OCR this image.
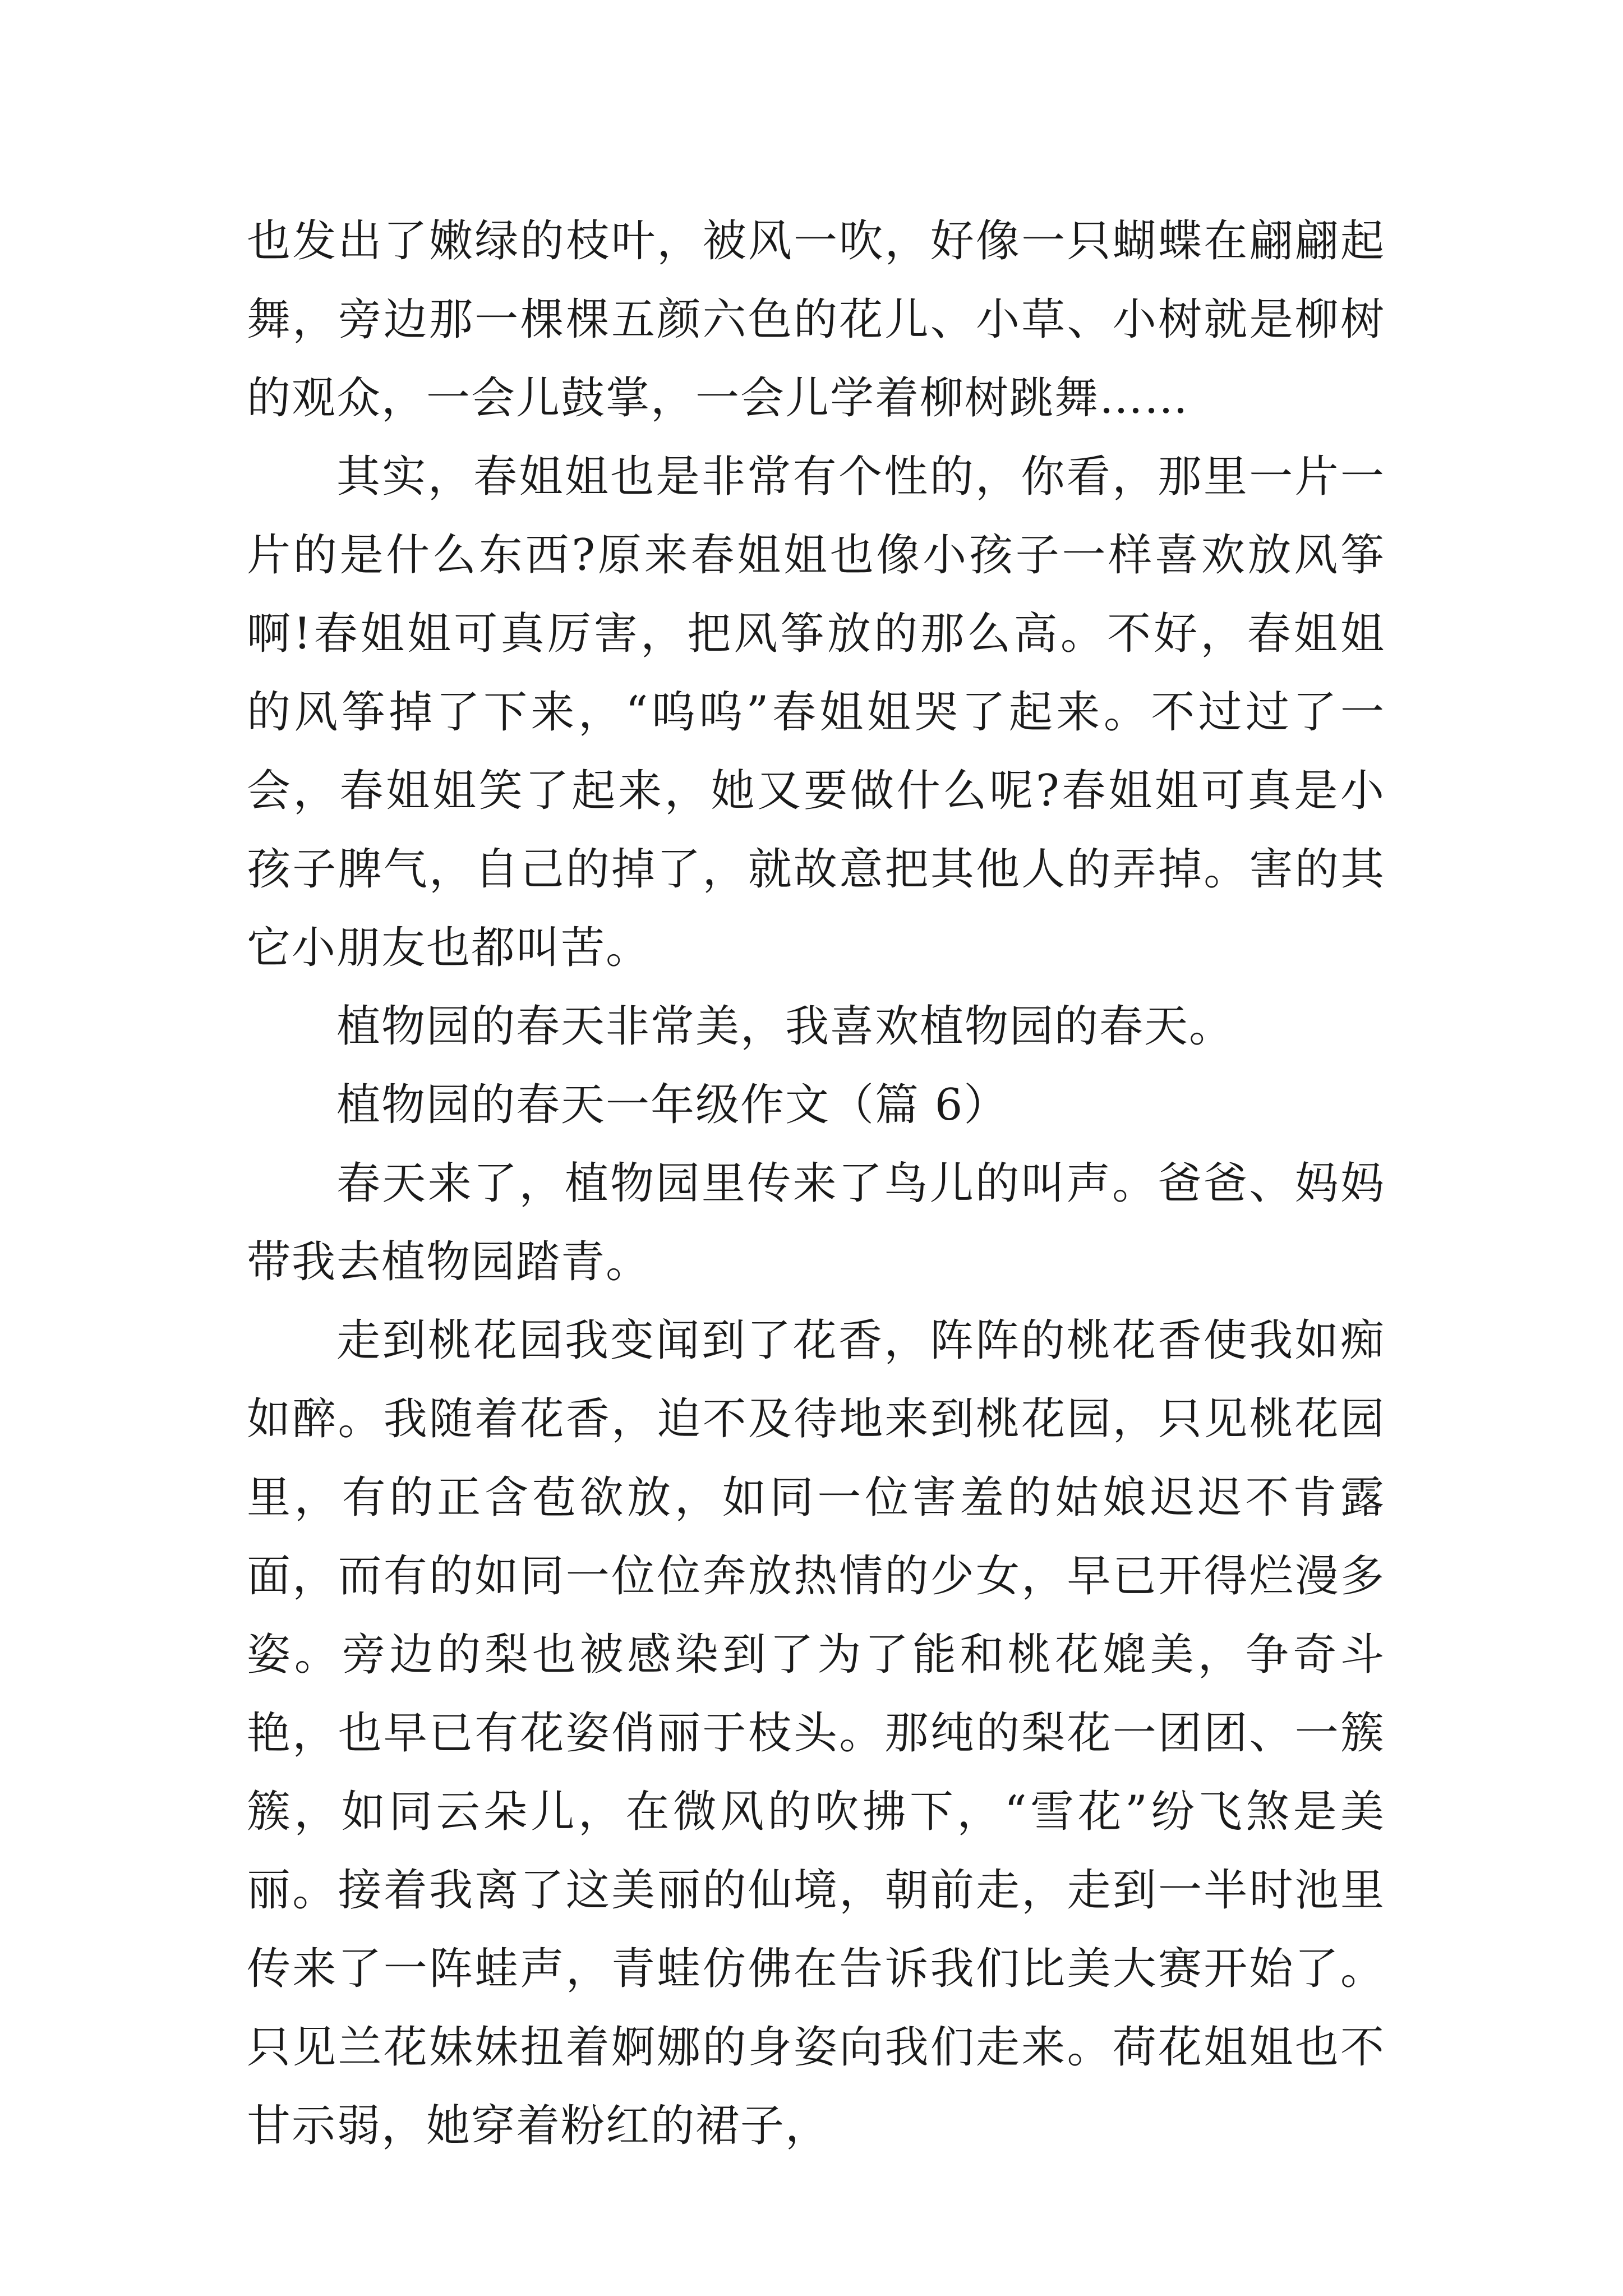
也发出了嫩绿的枝叶，被风一吹，好像一只蝴蝶在翩翩起舞，旁边那一棵棵五颜六色的花儿、小草、小树就是柳树的观众，一会儿鼓掌，一会儿学着柳树跳舞……

其实，春姐姐也是非常有个性的，你看，那里一片一片的是什么东西?原来春姐姐也像小孩子一样喜欢放风筝啊!春姐姐可真厉害，把风筝放的那么高。不好，春姐姐的风筝掉了下来，“呜呜”春姐姐哭了起来。不过过了一会，春姐姐笑了起来，她又要做什么呢?春姐姐可真是小孩子脾气，自己的掉了，就故意把其他人的弄掉。害的其它小朋友也都叫苦。

植物园的春天非常美，我喜欢植物园的春天。

植物园的春天一年级作文（篇 6）

春天来了，植物园里传来了鸟儿的叫声。爸爸、妈妈带我去植物园踏青。

走到桃花园我变闻到了花香，阵阵的桃花香使我如痴如醉。我随着花香，迫不及待地来到桃花园，只见桃花园里，有的正含苞欲放，如同一位害羞的姑娘迟迟不肯露面，而有的如同一位位奔放热情的少女，早已开得烂漫多姿。旁边的梨也被感染到了为了能和桃花媲美，争奇斗艳，也早已有花姿俏丽于枝头。那纯的梨花一团团、一簇簇，如同云朵儿，在微风的吹拂下，“雪花”纷飞煞是美丽。接着我离了这美丽的仙境，朝前走，走到一半时池里传来了一阵蛙声，青蛙仿佛在告诉我们比美大赛开始了。只见兰花妹妹扭着婀娜的身姿向我们走来。荷花姐姐也不甘示弱，她穿着粉红的裙子，
